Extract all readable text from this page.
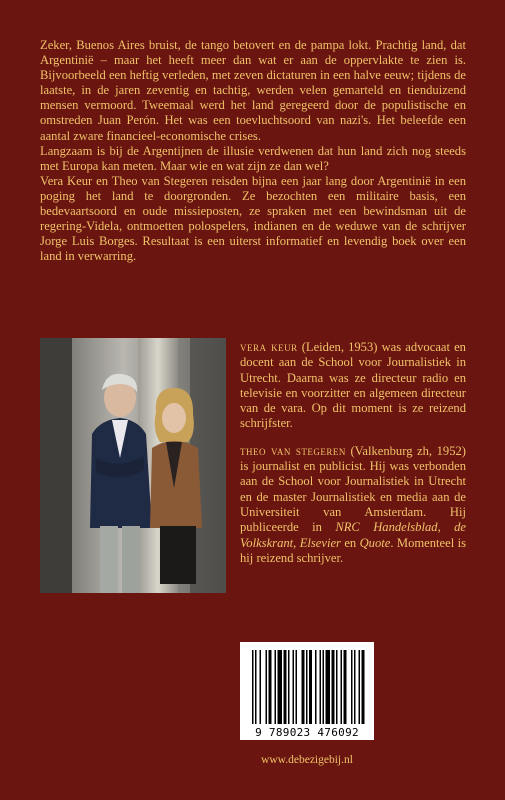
Zeker, Buenos Aires bruist, de tango betovert en de pampa lokt. Prachtig land, dat Argentinië – maar het heeft meer dan wat er aan de oppervlakte te zien is. Bijvoorbeeld een heftig verleden, met zeven dictaturen in een halve eeuw; tijdens de laatste, in de jaren zeventig en tachtig, werden velen gemarteld en tienduizend mensen vermoord. Tweemaal werd het land geregeerd door de populistische en omstreden Juan Perón. Het was een toevluchtsoord van nazi's. Het beleefde een aantal zware financieel-economische crises.

Langzaam is bij de Argentijnen de illusie verdwenen dat hun land zich nog steeds met Europa kan meten. Maar wie en wat zijn ze dan wel?

Vera Keur en Theo van Stegeren reisden bijna een jaar lang door Argentinië in een poging het land te doorgronden. Ze bezochten een militaire basis, een bedevaartsoord en oude missieposten, ze spraken met een bewindsman uit de regering-Videla, ontmoetten polospelers, indianen en de weduwe van de schrijver Jorge Luis Borges. Resultaat is een uiterst informatief en levendig boek over een land in verwarring.

vera keur (Leiden, 1953) was advocaat en docent aan de School voor Journalistiek in Utrecht. Daarna was ze directeur radio en televisie en voorzitter en algemeen directeur van de vara. Op dit moment is ze reizend schrijfster.

theo van stegeren (Valkenburg zh, 1952) is journalist en publicist. Hij was verbonden aan de School voor Journalistiek in Utrecht en de master Journalistiek en media aan de Universiteit van Amsterdam. Hij publiceerde in NRC Handelsblad, de Volkskrant, Elsevier en Quote. Momenteel is hij reizend schrijver.

9 789023 476092
www.debezigebij.nl
